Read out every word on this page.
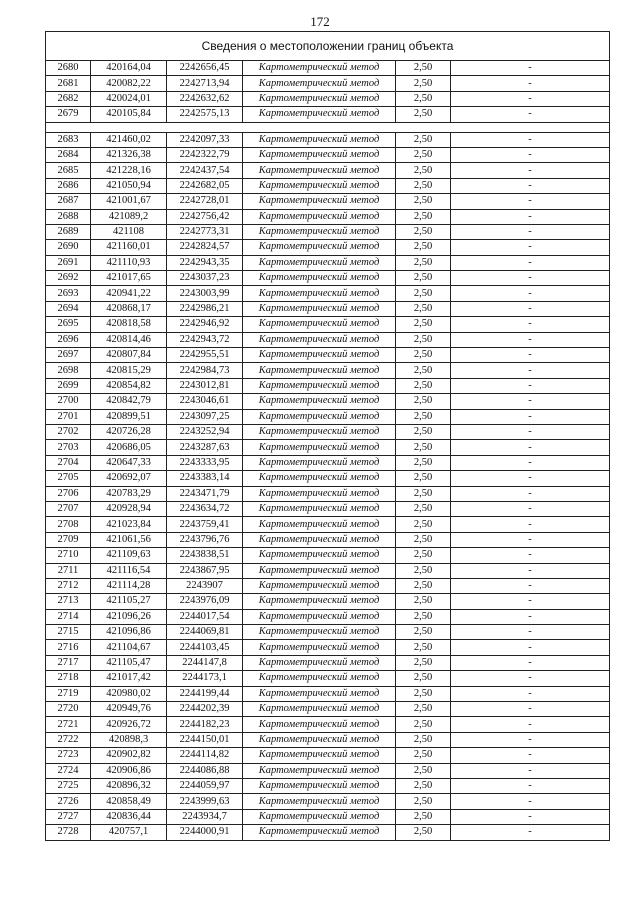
172
Сведения о местоположении границ объекта					
2680	420164,04	2242656,45	Картометрический метод	2,50	-
2681	420082,22	2242713,94	Картометрический метод	2,50	-
2682	420024,01	2242632,62	Картометрический метод	2,50	-
2679	420105,84	2242575,13	Картометрический метод	2,50	-

2683	421460,02	2242097,33	Картометрический метод	2,50	-
2684	421326,38	2242322,79	Картометрический метод	2,50	-
2685	421228,16	2242437,54	Картометрический метод	2,50	-
2686	421050,94	2242682,05	Картометрический метод	2,50	-
2687	421001,67	2242728,01	Картометрический метод	2,50	-
2688	421089,2	2242756,42	Картометрический метод	2,50	-
2689	421108	2242773,31	Картометрический метод	2,50	-
2690	421160,01	2242824,57	Картометрический метод	2,50	-
2691	421110,93	2242943,35	Картометрический метод	2,50	-
2692	421017,65	2243037,23	Картометрический метод	2,50	-
2693	420941,22	2243003,99	Картометрический метод	2,50	-
2694	420868,17	2242986,21	Картометрический метод	2,50	-
2695	420818,58	2242946,92	Картометрический метод	2,50	-
2696	420814,46	2242943,72	Картометрический метод	2,50	-
2697	420807,84	2242955,51	Картометрический метод	2,50	-
2698	420815,29	2242984,73	Картометрический метод	2,50	-
2699	420854,82	2243012,81	Картометрический метод	2,50	-
2700	420842,79	2243046,61	Картометрический метод	2,50	-
2701	420899,51	2243097,25	Картометрический метод	2,50	-
2702	420726,28	2243252,94	Картометрический метод	2,50	-
2703	420686,05	2243287,63	Картометрический метод	2,50	-
2704	420647,33	2243333,95	Картометрический метод	2,50	-
2705	420692,07	2243383,14	Картометрический метод	2,50	-
2706	420783,29	2243471,79	Картометрический метод	2,50	-
2707	420928,94	2243634,72	Картометрический метод	2,50	-
2708	421023,84	2243759,41	Картометрический метод	2,50	-
2709	421061,56	2243796,76	Картометрический метод	2,50	-
2710	421109,63	2243838,51	Картометрический метод	2,50	-
2711	421116,54	2243867,95	Картометрический метод	2,50	-
2712	421114,28	2243907	Картометрический метод	2,50	-
2713	421105,27	2243976,09	Картометрический метод	2,50	-
2714	421096,26	2244017,54	Картометрический метод	2,50	-
2715	421096,86	2244069,81	Картометрический метод	2,50	-
2716	421104,67	2244103,45	Картометрический метод	2,50	-
2717	421105,47	2244147,8	Картометрический метод	2,50	-
2718	421017,42	2244173,1	Картометрический метод	2,50	-
2719	420980,02	2244199,44	Картометрический метод	2,50	-
2720	420949,76	2244202,39	Картометрический метод	2,50	-
2721	420926,72	2244182,23	Картометрический метод	2,50	-
2722	420898,3	2244150,01	Картометрический метод	2,50	-
2723	420902,82	2244114,82	Картометрический метод	2,50	-
2724	420906,86	2244086,88	Картометрический метод	2,50	-
2725	420896,32	2244059,97	Картометрический метод	2,50	-
2726	420858,49	2243999,63	Картометрический метод	2,50	-
2727	420836,44	2243934,7	Картометрический метод	2,50	-
2728	420757,1	2244000,91	Картометрический метод	2,50	-
